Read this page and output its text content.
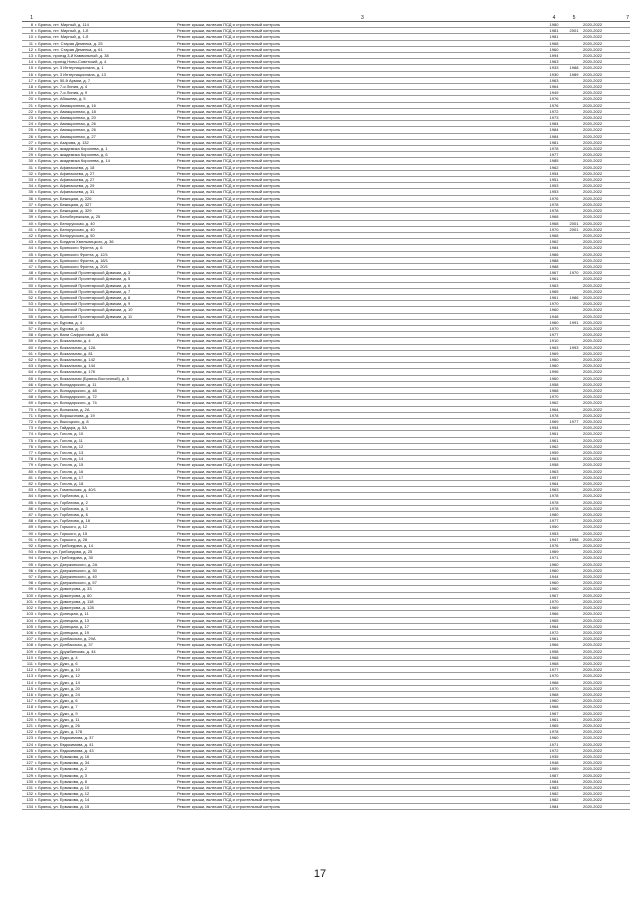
1			3	4	5	7
8	г. Брянск, пгт. Мирный, д. 114	Ремонт крыши, включая ПСД и строительный контроль		1980		2020-2022
9	г. Брянск, пгт. Мирный, д. 1-б	Ремонт крыши, включая ПСД и строительный контроль		1981	2001	2020-2022
10	г. Брянск, пгт. Мирный, д. 1-б	Ремонт крыши, включая ПСД и строительный контроль		1981		2020-2022
11	г. Брянск, пгт. Старая Деменка, д. 25	Ремонт крыши, включая ПСД и строительный контроль		1968		2020-2022
12	г. Брянск, пгт. Старая Деменка, д. 61	Ремонт крыши, включая ПСД и строительный контроль		1960		2020-2022
13	г. Брянск, проезд 3-й Камвольный, д. 38	Ремонт крыши, включая ПСД и строительный контроль		1994		2020-2022
14	г. Брянск, проезд Ново-Советский, д. 4	Ремонт крыши, включая ПСД и строительный контроль		1963		2020-2022
15	г. Брянск, ул. 3 Интернационала, д. 1	Ремонт крыши, включая ПСД и строительный контроль		1933	1988	2020-2022
16	г. Брянск, ул. 3 Интернационала, д. 13	Ремонт крыши, включая ПСД и строительный контроль		1930	1989	2020-2022
17	г. Брянск, ул. 50-й Армии, д. 7	Ремонт крыши, включая ПСД и строительный контроль		1963		2020-2022
18	г. Брянск, ул. 7-я Линия, д. 4	Ремонт крыши, включая ПСД и строительный контроль		1964		2020-2022
19	г. Брянск, ул. 7-я Линия, д. 9	Ремонт крыши, включая ПСД и строительный контроль		1949		2020-2022
20	г. Брянск, ул. Абашева, д. 5	Ремонт крыши, включая ПСД и строительный контроль		1976		2020-2022
21	г. Брянск, ул. Авиационная, д. 16	Ремонт крыши, включая ПСД и строительный контроль		1976		2020-2022
22	г. Брянск, ул. Авиационная, д. 18	Ремонт крыши, включая ПСД и строительный контроль		1972		2020-2022
23	г. Брянск, ул. Авиационная, д. 20	Ремонт крыши, включая ПСД и строительный контроль		1973		2020-2022
24	г. Брянск, ул. Авиационная, д. 26	Ремонт крыши, включая ПСД и строительный контроль		1984		2020-2022
25	г. Брянск, ул. Авиационная, д. 26	Ремонт крыши, включая ПСД и строительный контроль		1984		2020-2022
26	г. Брянск, ул. Авиационная, д. 27	Ремонт крыши, включая ПСД и строительный контроль		1984		2020-2022
27	г. Брянск, ул. Азарова, д. 132	Ремонт крыши, включая ПСД и строительный контроль		1981		2020-2022
28	г. Брянск, ул. академика Королева, д. 1	Ремонт крыши, включая ПСД и строительный контроль		1978		2020-2022
29	г. Брянск, ул. академика Королева, д. 6	Ремонт крыши, включая ПСД и строительный контроль		1977		2020-2022
30	г. Брянск, ул. академика Королева, д. 14	Ремонт крыши, включая ПСД и строительный контроль		1985		2020-2022
31	г. Брянск, ул. Афанасьева, д. 18	Ремонт крыши, включая ПСД и строительный контроль		1962		2020-2022
32	г. Брянск, ул. Афанасьева, д. 27	Ремонт крыши, включая ПСД и строительный контроль		1954		2020-2022
33	г. Брянск, ул. Афанасьева, д. 27	Ремонт крыши, включая ПСД и строительный контроль		1951		2020-2022
34	г. Брянск, ул. Афанасьева, д. 29	Ремонт крыши, включая ПСД и строительный контроль		1953		2020-2022
35	г. Брянск, ул. Афанасьева, д. 31	Ремонт крыши, включая ПСД и строительный контроль		1953		2020-2022
36	г. Брянск, ул. Бежицкая, д. 226	Ремонт крыши, включая ПСД и строительный контроль		1976		2020-2022
37	г. Брянск, ул. Бежицкая, д. 327	Ремонт крыши, включая ПСД и строительный контроль		1978		2020-2022
38	г. Брянск, ул. Бежицкая, д. 329	Ремонт крыши, включая ПСД и строительный контроль		1978		2020-2022
39	г. Брянск, ул. Белобережская, д. 25	Ремонт крыши, включая ПСД и строительный контроль		1968		2020-2022
40	г. Брянск, ул. Белорусская, д. 40	Ремонт крыши, включая ПСД и строительный контроль		1968	2001	2020-2022
41	г. Брянск, ул. Белорусская, д. 40	Ремонт крыши, включая ПСД и строительный контроль		1970	2001	2020-2022
42	г. Брянск, ул. Белорусская, д. 50	Ремонт крыши, включая ПСД и строительный контроль		1968		2020-2022
43	г. Брянск, ул. Богдана Хмельницкого, д. 36	Ремонт крыши, включая ПСД и строительный контроль		1962		2020-2022
44	г. Брянск, ул. Брянского Фронта, д. 6	Ремонт крыши, включая ПСД и строительный контроль		1984		2020-2022
45	г. Брянск, ул. Брянского Фронта, д. 12/1	Ремонт крыши, включая ПСД и строительный контроль		1986		2020-2022
46	г. Брянск, ул. Брянского Фронта, д. 18/1	Ремонт крыши, включая ПСД и строительный контроль		1988		2020-2022
47	г. Брянск, ул. Брянского Фронта, д. 20/1	Ремонт крыши, включая ПСД и строительный контроль		1988		2020-2022
48	г. Брянск, ул. Брянской Пролетарской Дивизии, д. 3	Ремонт крыши, включая ПСД и строительный контроль		1967	1970	2020-2022
49	г. Брянск, ул. Брянской Пролетарской Дивизии, д. 5	Ремонт крыши, включая ПСД и строительный контроль		1961		2020-2022
50	г. Брянск, ул. Брянской Пролетарской Дивизии, д. 6	Ремонт крыши, включая ПСД и строительный контроль		1963		2020-2022
51	г. Брянск, ул. Брянской Пролетарской Дивизии, д. 7	Ремонт крыши, включая ПСД и строительный контроль		1965		2020-2022
52	г. Брянск, ул. Брянской Пролетарской Дивизии, д. 8	Ремонт крыши, включая ПСД и строительный контроль		1961	1986	2020-2022
53	г. Брянск, ул. Брянской Пролетарской Дивизии, д. 9	Ремонт крыши, включая ПСД и строительный контроль		1970		2020-2022
54	г. Брянск, ул. Брянской Пролетарской Дивизии, д. 10	Ремонт крыши, включая ПСД и строительный контроль		1960		2020-2022
55	г. Брянск, ул. Брянской Пролетарской Дивизии, д. 11	Ремонт крыши, включая ПСД и строительный контроль		1948		2020-2022
56	г. Брянск, ул. Бурова, д. 4	Ремонт крыши, включая ПСД и строительный контроль		1960	1991	2020-2022
57	г. Брянск, ул. Бурова, д. 10	Ремонт крыши, включая ПСД и строительный контроль		1970		2020-2022
58	г. Брянск, ул. Вали Сафроновой, д. 66А	Ремонт крыши, включая ПСД и строительный контроль		1977		2020-2022
59	г. Брянск, ул. Вокзальная, д. 4	Ремонт крыши, включая ПСД и строительный контроль		1910		2020-2022
60	г. Брянск, ул. Вокзальная, д. 12А	Ремонт крыши, включая ПСД и строительный контроль		1963	1993	2020-2022
61	г. Брянск, ул. Вокзальная, д. 81	Ремонт крыши, включая ПСД и строительный контроль		1969		2020-2022
62	г. Брянск, ул. Вокзальная, д. 142	Ремонт крыши, включая ПСД и строительный контроль		1960		2020-2022
63	г. Брянск, ул. Вокзальная, д. 144	Ремонт крыши, включая ПСД и строительный контроль		1960		2020-2022
64	г. Брянск, ул. Вокзальная, д. 176	Ремонт крыши, включая ПСД и строительный контроль		1996		2020-2022
65	г. Брянск, ул. Вокзальная (Брянск-Восточный), д. 5	Ремонт крыши, включая ПСД и строительный контроль		1960		2020-2022
66	г. Брянск, ул. Володарского, д. 11	Ремонт крыши, включая ПСД и строительный контроль		1958		2020-2022
67	г. Брянск, ул. Володарского, д. 48	Ремонт крыши, включая ПСД и строительный контроль		1968		2020-2022
68	г. Брянск, ул. Володарского, д. 72	Ремонт крыши, включая ПСД и строительный контроль		1970		2020-2022
69	г. Брянск, ул. Володарского, д. 74	Ремонт крыши, включая ПСД и строительный контроль		1962		2020-2022
70	г. Брянск, ул. Волжская, д. 2А	Ремонт крыши, включая ПСД и строительный контроль		1964		2020-2022
71	г. Брянск, ул. Ворошилова, д. 19	Ремонт крыши, включая ПСД и строительный контроль		1978		2020-2022
72	г. Брянск, ул. Высоцкого, д. 8	Ремонт крыши, включая ПСД и строительный контроль		1969	1977	2020-2022
73	г. Брянск, ул. Гайдара, д. 5А	Ремонт крыши, включая ПСД и строительный контроль		1954		2020-2022
74	г. Брянск, ул. Гоголя, д. 10	Ремонт крыши, включая ПСД и строительный контроль		1961		2020-2022
75	г. Брянск, ул. Гоголя, д. 11	Ремонт крыши, включая ПСД и строительный контроль		1961		2020-2022
76	г. Брянск, ул. Гоголя, д. 12	Ремонт крыши, включая ПСД и строительный контроль		1962		2020-2022
77	г. Брянск, ул. Гоголя, д. 13	Ремонт крыши, включая ПСД и строительный контроль		1959		2020-2022
78	г. Брянск, ул. Гоголя, д. 14	Ремонт крыши, включая ПСД и строительный контроль		1963		2020-2022
79	г. Брянск, ул. Гоголя, д. 15	Ремонт крыши, включая ПСД и строительный контроль		1958		2020-2022
80	г. Брянск, ул. Гоголя, д. 16	Ремонт крыши, включая ПСД и строительный контроль		1963		2020-2022
81	г. Брянск, ул. Гоголя, д. 17	Ремонт крыши, включая ПСД и строительный контроль		1957		2020-2022
82	г. Брянск, ул. Гоголя, д. 18	Ремонт крыши, включая ПСД и строительный контроль		1964		2020-2022
83	г. Брянск, ул. Гомельская, д. 40/1	Ремонт крыши, включая ПСД и строительный контроль		1963		2020-2022
84	г. Брянск, ул. Горбатова, д. 1	Ремонт крыши, включая ПСД и строительный контроль		1978		2020-2022
85	г. Брянск, ул. Горбатова, д. 2	Ремонт крыши, включая ПСД и строительный контроль		1978		2020-2022
86	г. Брянск, ул. Горбатова, д. 3	Ремонт крыши, включая ПСД и строительный контроль		1978		2020-2022
87	г. Брянск, ул. Горбатова, д. 6	Ремонт крыши, включая ПСД и строительный контроль		1980		2020-2022
88	г. Брянск, ул. Горбатова, д. 16	Ремонт крыши, включая ПСД и строительный контроль		1977		2020-2022
89	г. Брянск, ул. Горького, д. 12	Ремонт крыши, включая ПСД и строительный контроль		1950		2020-2022
90	г. Брянск, ул. Горького, д. 15	Ремонт крыши, включая ПСД и строительный контроль		1953		2020-2022
91	г. Брянск, ул. Горького, д. 28	Ремонт крыши, включая ПСД и строительный контроль		1947	1998	2020-2022
92	г. Брянск, ул. Грибоедова, д. 14	Ремонт крыши, включая ПСД и строительный контроль		1976		2020-2022
93	г. Brянск, ул. Грибоедова, д. 25	Ремонт крыши, включая ПСД и строительный контроль		1969		2020-2022
94	г. Брянск, ул. Грибоедова, д. 30	Ремонт крыши, включая ПСД и строительный контроль		1971		2020-2022
95	г. Брянск, ул. Дзержинского, д. 2А	Ремонт крыши, включая ПСД и строительный контроль		1960		2020-2022
96	г. Брянск, ул. Дзержинского, д. 30	Ремонт крыши, включая ПСД и строительный контроль		1960		2020-2022
97	г. Брянск, ул. Дзержинского, д. 40	Ремонт крыши, включая ПСД и строительный контроль		1944		2020-2022
98	г. Брянск, ул. Дзержинского, д. 57	Ремонт крыши, включая ПСД и строительный контроль		1960		2020-2022
99	г. Брянск, ул. Димитрова, д. 33	Ремонт крыши, включая ПСД и строительный контроль		1960		2020-2022
100	г. Брянск, ул. Димитрова, д. 60	Ремонт крыши, включая ПСД и строительный контроль		1967		2020-2022
101	г. Брянск, ул. Димитрова, д. 118	Ремонт крыши, включая ПСД и строительный контроль		1970		2020-2022
102	г. Брянск, ул. Димитрова, д. 128	Ремонт крыши, включая ПСД и строительный контроль		1969		2020-2022
103	г. Брянск, ул. Донецкая, д. 11	Ремонт крыши, включая ПСД и строительный контроль		1966		2020-2022
104	г. Брянск, ул. Донецкая, д. 13	Ремонт крыши, включая ПСД и строительный контроль		1965		2020-2022
105	г. Брянск, ул. Донецкая, д. 17	Ремонт крыши, включая ПСД и строительный контроль		1964		2020-2022
106	г. Брянск, ул. Донецкая, д. 19	Ремонт крыши, включая ПСД и строительный контроль		1972		2020-2022
107	г. Брянск, ул. Донбасская, д. 29А	Ремонт крыши, включая ПСД и строительный контроль		1961		2020-2022
108	г. Брянск, ул. Донбасская, д. 37	Ремонт крыши, включая ПСД и строительный контроль		1966		2020-2022
109	г. Брянск, ул. Дружбинская, д. 44	Ремонт крыши, включая ПСД и строительный контроль		1958		2020-2022
110	г. Брянск, ул. Дуки, д. 4	Ремонт крыши, включая ПСД и строительный контроль		1968		2020-2022
111	г. Брянск, ул. Дуки, д. 6	Ремонт крыши, включая ПСД и строительный контроль		1968		2020-2022
112	г. Брянск, ул. Дуки, д. 10	Ремонт крыши, включая ПСД и строительный контроль		1977		2020-2022
113	г. Брянск, ул. Дуки, д. 12	Ремонт крыши, включая ПСД и строительный контроль		1970		2020-2022
114	г. Брянск, ул. Дуки, д. 14	Ремонт крыши, включая ПСД и строительный контроль		1968		2020-2022
115	г. Брянск, ул. Дуки, д. 20	Ремонт крыши, включая ПСД и строительный контроль		1970		2020-2022
116	г. Брянск, ул. Дуки, д. 24	Ремонт крыши, включая ПСД и строительный контроль		1968		2020-2022
117	г. Брянск, ул. Дуки, д. 6	Ремонт крыши, включая ПСД и строительный контроль		1960		2020-2022
118	г. Брянск, ул. Дуки, д. 7	Ремонт крыши, включая ПСД и строительный контроль		1968		2020-2022
119	г. Брянск, ул. Дуки, д. 9	Ремонт крыши, включая ПСД и строительный контроль		1967		2020-2022
120	г. Брянск, ул. Дуки, д. 11	Ремонт крыши, включая ПСД и строительный контроль		1961		2020-2022
121	г. Брянск, ул. Дуки, д. 26	Ремонт крыши, включая ПСД и строительный контроль		1965		2020-2022
122	г. Брянск, ул. Дуки, д. 178	Ремонт крыши, включая ПСД и строительный контроль		1978		2020-2022
123	г. Брянск, ул. Евдокимова, д. 37	Ремонт крыши, включая ПСД и строительный контроль		1960		2020-2022
124	г. Брянск, ул. Евдокимова, д. 41	Ремонт крыши, включая ПСД и строительный контроль		1971		2020-2022
125	г. Брянск, ул. Евдокимова, д. 43	Ремонт крыши, включая ПСД и строительный контроль		1972		2020-2022
126	г. Брянск, ул. Ермакова, д. 16	Ремонт крыши, включая ПСД и строительный контроль		1935		2020-2022
127	г. Брянск, ул. Ермакова, д. 34	Ремонт крыши, включая ПСД и строительный контроль		1948		2020-2022
128	г. Брянск, ул. Ермакова, д. 2	Ремонт крыши, включая ПСД и строительный контроль		1989		2020-2022
129	г. Брянск, ул. Ермакова, д. 3	Ремонт крыши, включая ПСД и строительный контроль		1987		2020-2022
130	г. Брянск, ул. Ермакова, д. 8	Ремонт крыши, включая ПСД и строительный контроль		1984		2020-2022
131	г. Брянск, ул. Ермакова, д. 10	Ремонт крыши, включая ПСД и строительный контроль		1983		2020-2022
132	г. Брянск, ул. Ермакова, д. 12	Ремонт крыши, включая ПСД и строительный контроль		1982		2020-2022
133	г. Брянск, ул. Ермакова, д. 14	Ремонт крыши, включая ПСД и строительный контроль		1982		2020-2022
134	г. Брянск, ул. Ермакова, д. 15	Ремонт крыши, включая ПСД и строительный контроль		1984		2020-2022
17
